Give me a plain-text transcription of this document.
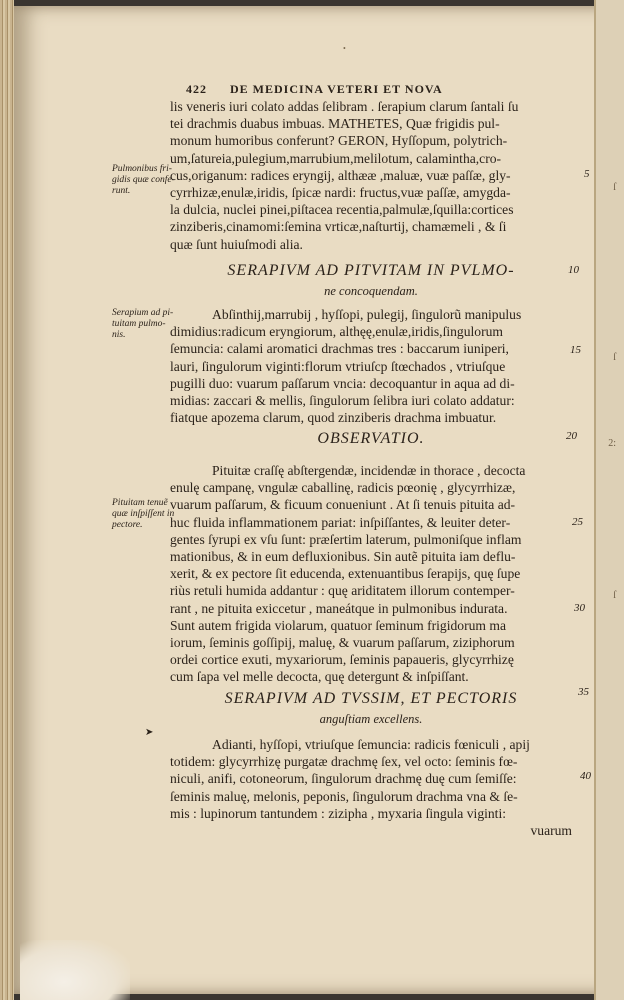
ſ
ſ
ſ
2:
•
422 DE MEDICINA VETERI ET NOVA
lis veneris iuri colato addas ſelibram . ſerapium clarum ſantali ſu
tei drachmis duabus imbuas. MATHETES, Quæ frigidis pul-
monum humoribus conferunt? GERON, Hyſſopum, polytrich-
um,ſatureia,pulegium,marrubium,melilotum, calamintha,cro-
cus,origanum: radices eryngij, althææ ,maluæ, vuæ paſſæ, gly-
cyrrhizæ,enulæ,iridis, ſpicæ nardi: fructus,vuæ paſſæ, amygda-
la dulcia, nuclei pinei,piſtacea recentia,palmulæ,ſquilla:cortices
zinziberis,cinamomi:ſemina vrticæ,naſturtij, chamæmeli , & ſi
quæ ſunt huiuſmodi alia.
SERAPIVM AD PITVITAM IN PVLMO-
ne concoquendam.
Abſinthij,marrubij , hyſſopi, pulegij, ſingulorũ manipulus
dimidius:radicum eryngiorum, althęę,enulæ,iridis,ſingulorum
ſemuncia: calami aromatici drachmas tres : baccarum iuniperi,
lauri, ſingulorum viginti:florum vtriuſcp ſtœchados , vtriuſque
pugilli duo: vuarum paſſarum vncia: decoquantur in aqua ad di-
midias: zaccari & mellis, ſingulorum ſelibra iuri colato addatur:
fiatque apozema clarum, quod zinziberis drachma imbuatur.
OBSERVATIO.
Pituitæ craſſę abſtergendæ, incidendæ in thorace , decocta
enulę campanę, vngulæ caballinę, radicis pœonię , glycyrrhizæ,
vuarum paſſarum, & ficuum conueniunt . At ſi tenuis pituita ad-
huc fluida inflammationem pariat: inſpiſſantes, & leuiter deter-
gentes ſyrupi ex vſu ſunt: præſertim laterum, pulmoniſque inflam
mationibus, & in eum defluxionibus. Sin autẽ pituita iam deflu-
xerit, & ex pectore ſit educenda, extenuantibus ſerapijs, quę ſupe
riùs retuli humida addantur : quę ariditatem illorum contemper-
rant , ne pituita exiccetur , maneátque in pulmonibus indurata.
Sunt autem frigida violarum, quatuor ſeminum frigidorum ma
iorum, ſeminis goſſipij, maluę, & vuarum paſſarum, ziziphorum
ordei cortice exuti, myxariorum, ſeminis papaueris, glycyrrhizę
cum ſapa vel melle decocta, quę detergunt & inſpiſſant.
SERAPIVM AD TVSSIM, ET PECTORIS
anguſtiam excellens.
➤
Adianti, hyſſopi, vtriuſque ſemuncia: radicis fœniculi , apij
totidem: glycyrrhizę purgatæ drachmę ſex, vel octo: ſeminis fœ-
niculi, anifi, cotoneorum, ſingulorum drachmę duę cum ſemiſſe:
ſeminis maluę, melonis, peponis, ſingulorum drachma vna & ſe-
mis : lupinorum tantundem : zizipha , myxaria ſingula viginti:
vuarum
Pulmonibus fri- gidis quæ confe- runt.
Serapium ad pi- tuitam pulmo- nis.
Pituitam tenuẽ quæ inſpiſſent in pectore.
5
10
15
20
25
30
35
40
